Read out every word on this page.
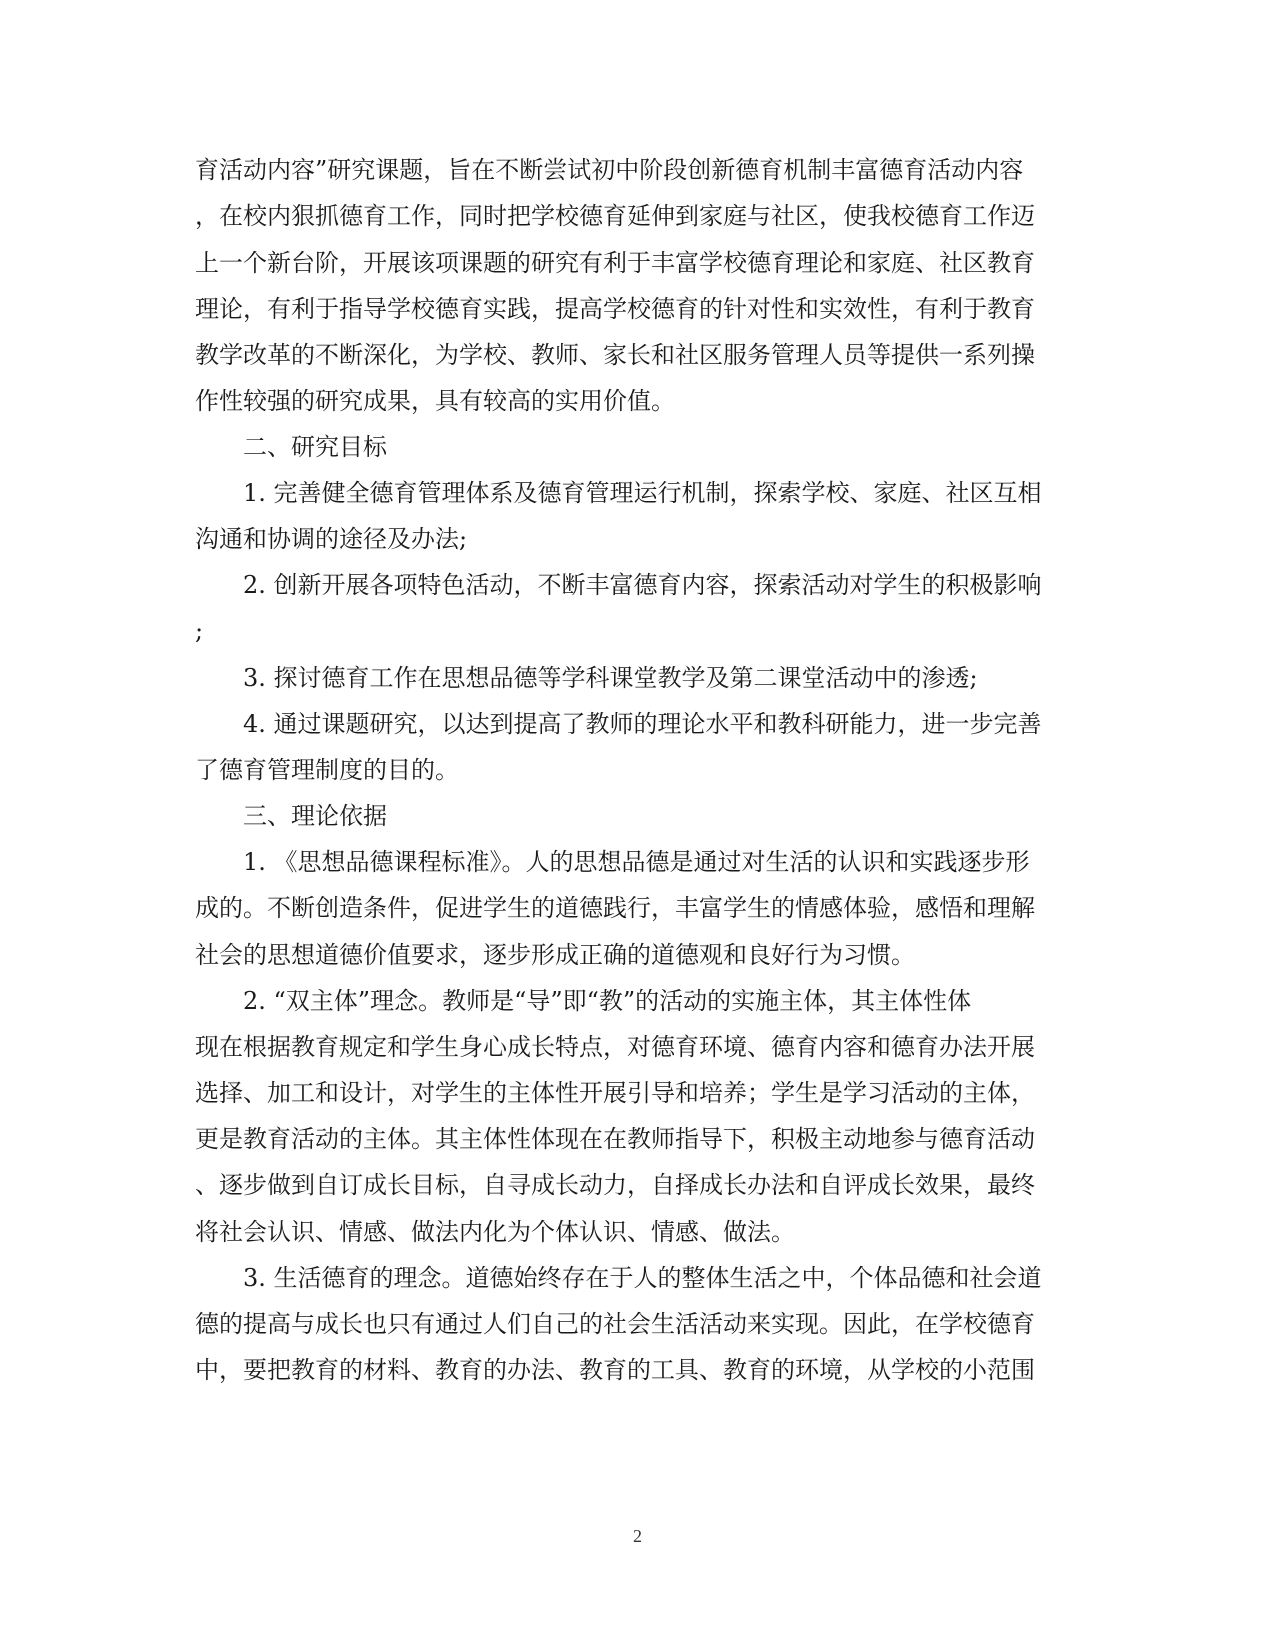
育活动内容”研究课题，旨在不断尝试初中阶段创新德育机制丰富德育活动内容
，在校内狠抓德育工作，同时把学校德育延伸到家庭与社区，使我校德育工作迈
上一个新台阶，开展该项课题的研究有利于丰富学校德育理论和家庭、社区教育
理论，有利于指导学校德育实践，提高学校德育的针对性和实效性，有利于教育
教学改革的不断深化，为学校、教师、家长和社区服务管理人员等提供一系列操
作性较强的研究成果，具有较高的实用价值。
二、研究目标
1. 完善健全德育管理体系及德育管理运行机制，探索学校、家庭、社区互相
沟通和协调的途径及办法;
2. 创新开展各项特色活动，不断丰富德育内容，探索活动对学生的积极影响
;
3. 探讨德育工作在思想品德等学科课堂教学及第二课堂活动中的渗透;
4. 通过课题研究，以达到提高了教师的理论水平和教科研能力，进一步完善
了德育管理制度的目的。
三、理论依据
1. 《思想品德课程标准》。人的思想品德是通过对生活的认识和实践逐步形
成的。不断创造条件，促进学生的道德践行，丰富学生的情感体验，感悟和理解
社会的思想道德价值要求，逐步形成正确的道德观和良好行为习惯。
2. “双主体”理念。教师是“导”即“教”的活动的实施主体，其主体性体
现在根据教育规定和学生身心成长特点，对德育环境、德育内容和德育办法开展
选择、加工和设计，对学生的主体性开展引导和培养；学生是学习活动的主体，
更是教育活动的主体。其主体性体现在在教师指导下，积极主动地参与德育活动
、逐步做到自订成长目标，自寻成长动力，自择成长办法和自评成长效果，最终
将社会认识、情感、做法内化为个体认识、情感、做法。
3. 生活德育的理念。道德始终存在于人的整体生活之中，个体品德和社会道
德的提高与成长也只有通过人们自己的社会生活活动来实现。因此，在学校德育
中，要把教育的材料、教育的办法、教育的工具、教育的环境，从学校的小范围
2
